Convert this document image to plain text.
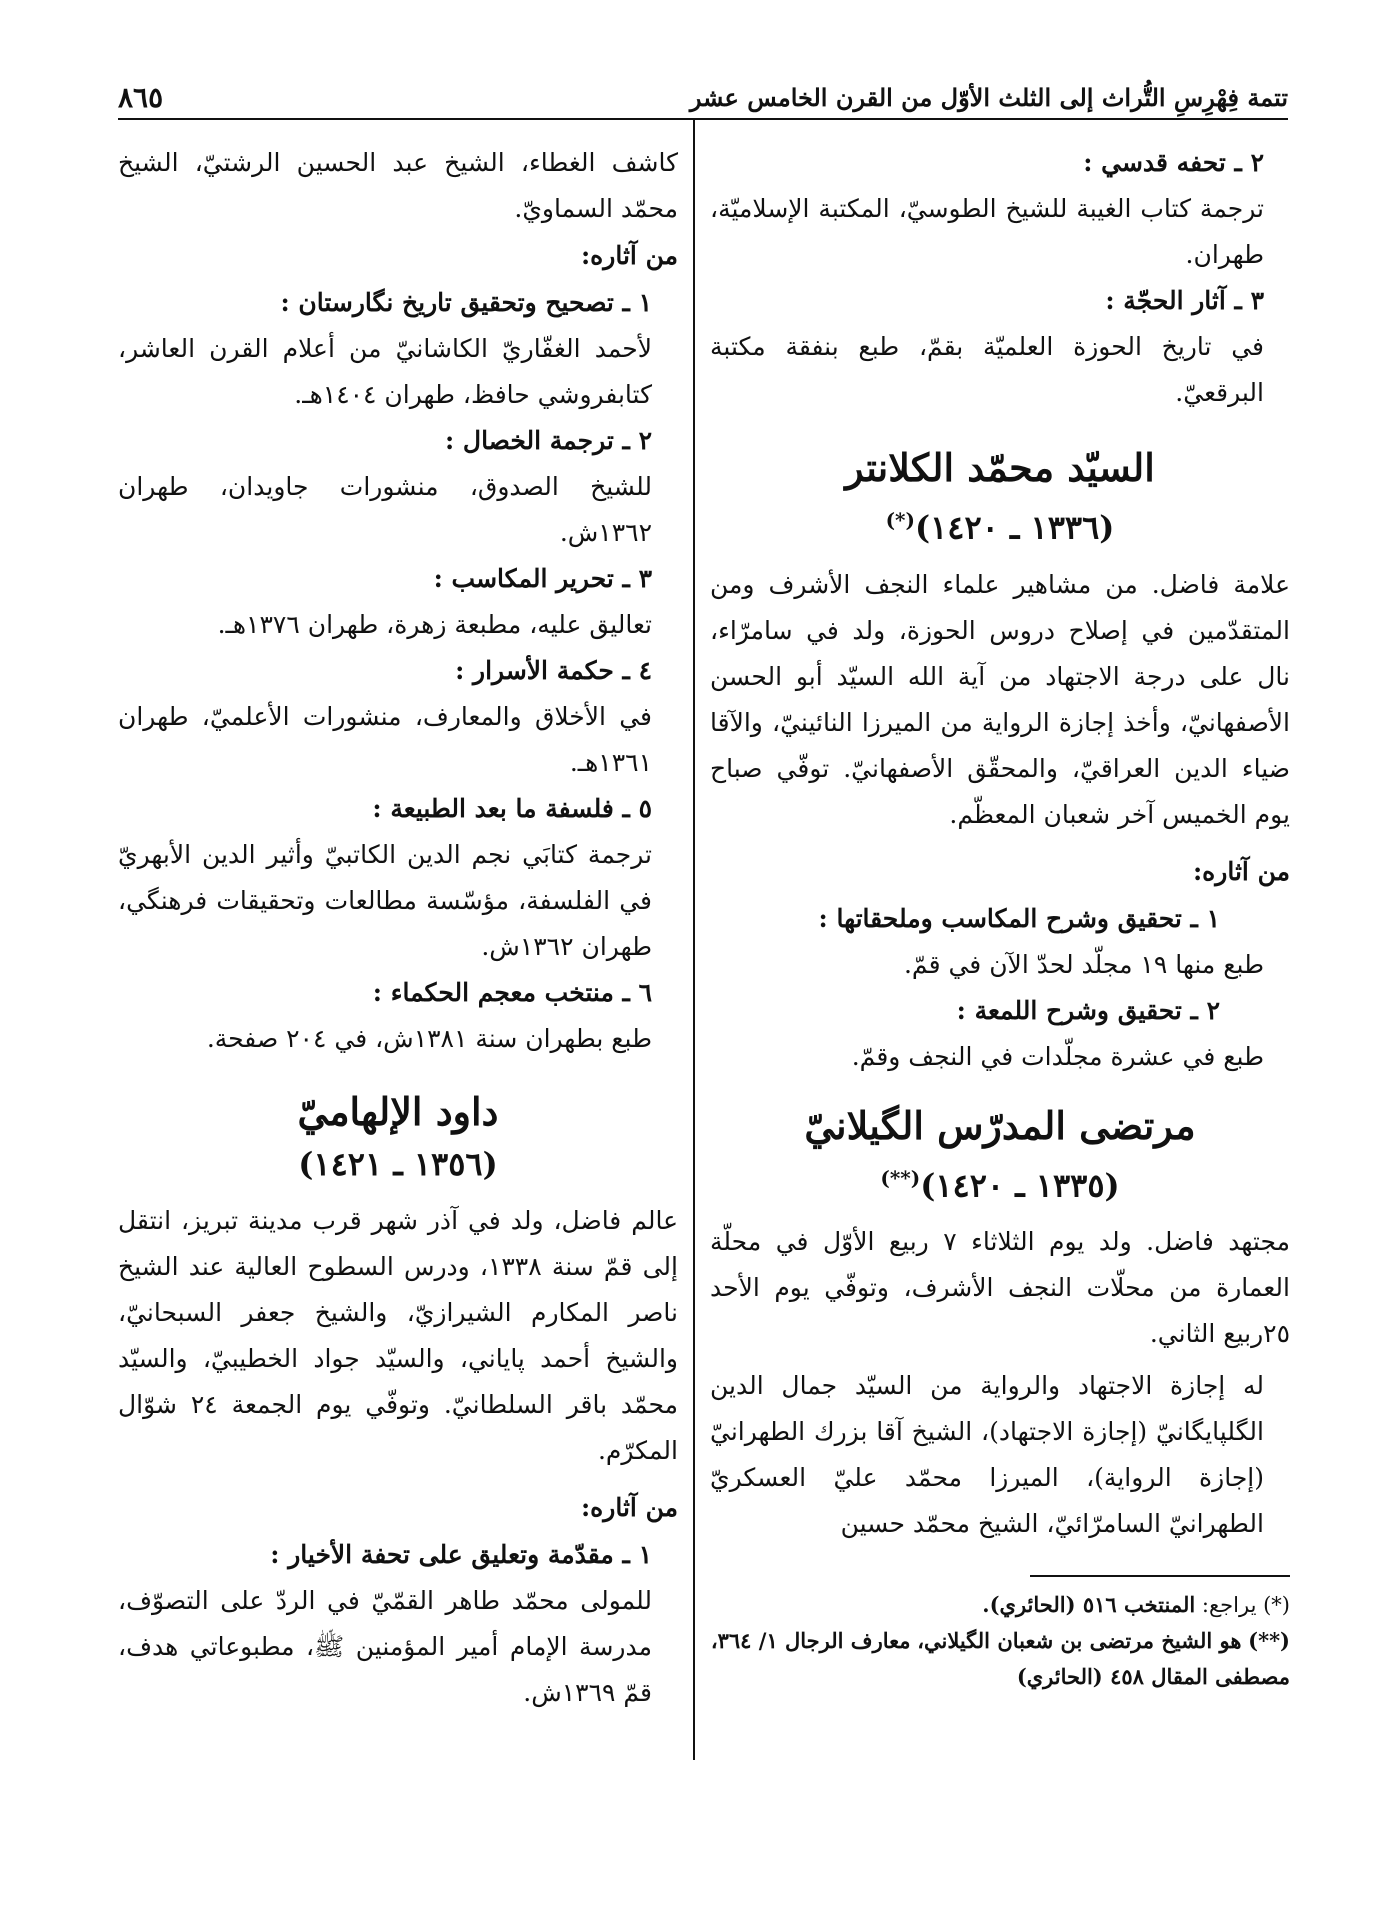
تتمة فِهْرِسِ التُّراث إلى الثلث الأوّل من القرن الخامس عشر
٨٦٥
٢ ـ تحفه قدسي :

ترجمة كتاب الغيبة للشيخ الطوسيّ، المكتبة الإسلاميّة، طهران.

٣ ـ آثار الحجّة :

في تاريخ الحوزة العلميّة بقمّ، طبع بنفقة مكتبة البرقعيّ.

السيّد محمّد الكلانتر
(١٣٣٦ ـ ١٤٢٠)(*)

علامة فاضل. من مشاهير علماء النجف الأشرف ومن المتقدّمين في إصلاح دروس الحوزة، ولد في سامرّاء، نال على درجة الاجتهاد من آية الله السيّد أبو الحسن الأصفهانيّ، وأخذ إجازة الرواية من الميرزا النائينيّ، والآقا ضياء الدين العراقيّ، والمحقّق الأصفهانيّ. توفّي صباح يوم الخميس آخر شعبان المعظّم.

من آثاره:
١ ـ تحقيق وشرح المكاسب وملحقاتها :

طبع منها ١٩ مجلّد لحدّ الآن في قمّ.

٢ ـ تحقيق وشرح اللمعة :

طبع في عشرة مجلّدات في النجف وقمّ.

مرتضى المدرّس الگيلانيّ
(١٣٣٥ ـ ١٤٢٠)(**)

مجتهد فاضل. ولد يوم الثلاثاء ٧ ربيع الأوّل في محلّة العمارة من محلّات النجف الأشرف، وتوفّي يوم الأحد ٢٥ربيع الثاني.

له إجازة الاجتهاد والرواية من السيّد جمال الدين الگلپايگانيّ (إجازة الاجتهاد)، الشيخ آقا بزرك الطهرانيّ (إجازة الرواية)، الميرزا محمّد عليّ العسكريّ الطهرانيّ السامرّائيّ، الشيخ محمّد حسين

(*) يراجع: المنتخب ٥١٦ (الحائري).
(**) هو الشيخ مرتضى بن شعبان الگيلاني، معارف الرجال ١/ ٣٦٤، مصطفى المقال ٤٥٨ (الحائري)

كاشف الغطاء، الشيخ عبد الحسين الرشتيّ، الشيخ محمّد السماويّ.

من آثاره:
١ ـ تصحيح وتحقيق تاريخ نگارستان :

لأحمد الغفّاريّ الكاشانيّ من أعلام القرن العاشر، كتابفروشي حافظ، طهران ١٤٠٤هـ.

٢ ـ ترجمة الخصال :

للشيخ الصدوق، منشورات جاويدان، طهران ١٣٦٢ش.

٣ ـ تحرير المكاسب :

تعاليق عليه، مطبعة زهرة، طهران ١٣٧٦هـ.

٤ ـ حكمة الأسرار :

في الأخلاق والمعارف، منشورات الأعلميّ، طهران ١٣٦١هـ.

٥ ـ فلسفة ما بعد الطبيعة :

ترجمة كتابَي نجم الدين الكاتبيّ وأثير الدين الأبهريّ في الفلسفة، مؤسّسة مطالعات وتحقيقات فرهنگي، طهران ١٣٦٢ش.

٦ ـ منتخب معجم الحكماء :

طبع بطهران سنة ١٣٨١ش، في ٢٠٤ صفحة.

داود الإلهاميّ
(١٣٥٦ ـ ١٤٢١)

عالم فاضل، ولد في آذر شهر قرب مدينة تبريز، انتقل إلى قمّ سنة ١٣٣٨، ودرس السطوح العالية عند الشيخ ناصر المكارم الشيرازيّ، والشيخ جعفر السبحانيّ، والشيخ أحمد پاياني، والسيّد جواد الخطيبيّ، والسيّد محمّد باقر السلطانيّ. وتوفّي يوم الجمعة ٢٤ شوّال المكرّم.

من آثاره:
١ ـ مقدّمة وتعليق على تحفة الأخيار :

للمولى محمّد طاهر القمّيّ في الردّ على التصوّف، مدرسة الإمام أمير المؤمنين ﷺ، مطبوعاتي هدف، قمّ ١٣٦٩ش.
